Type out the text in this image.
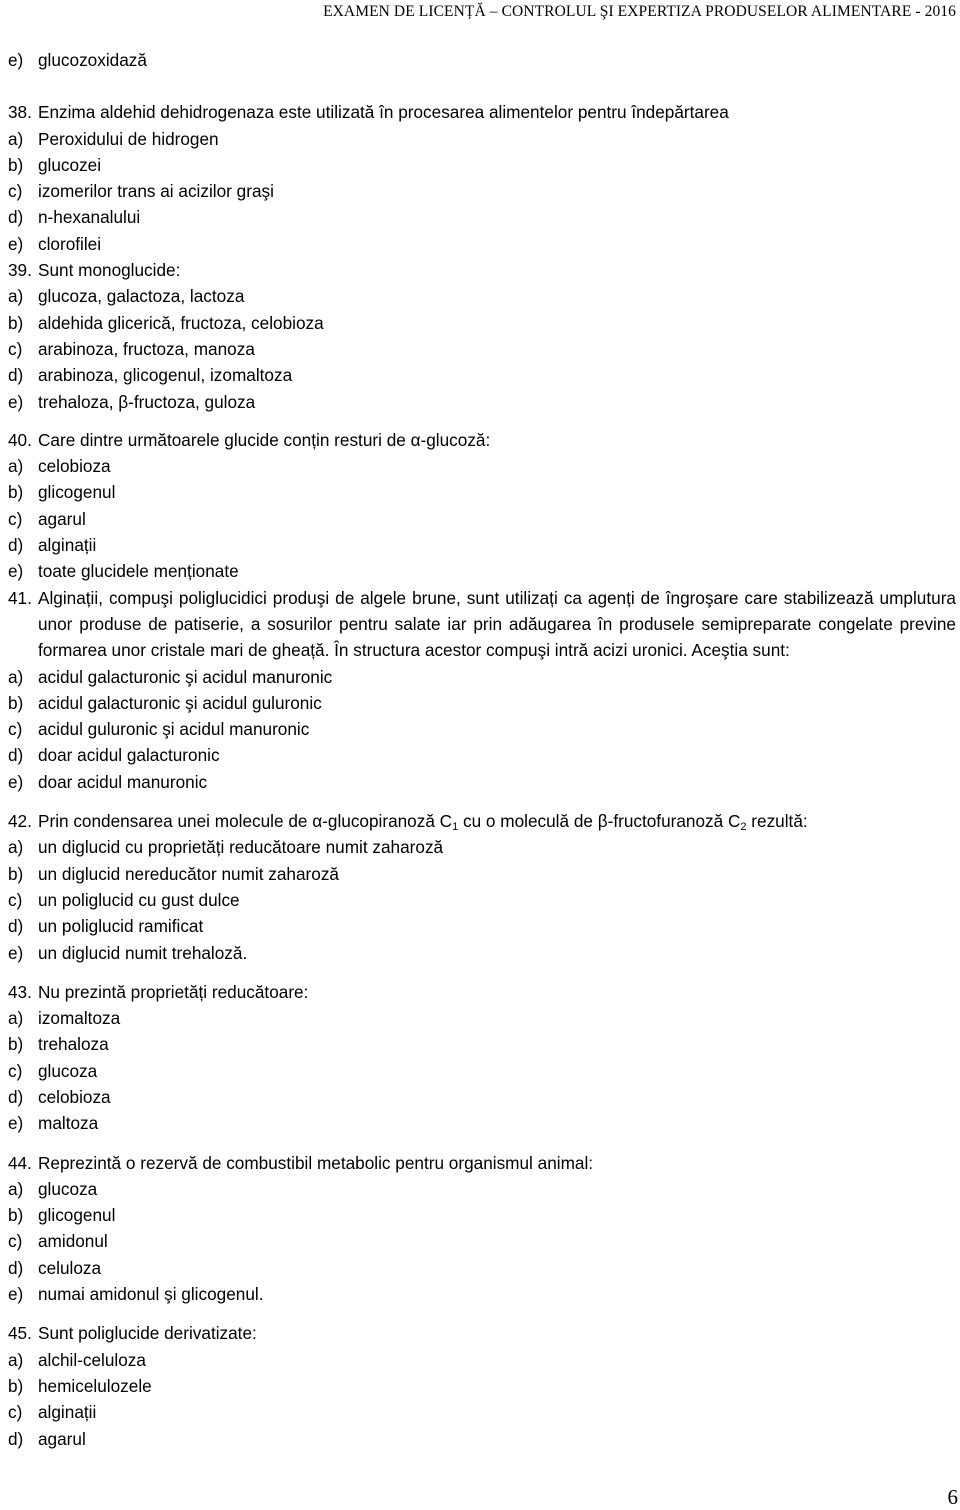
EXAMEN DE LICENȚĂ – CONTROLUL ŞI EXPERTIZA PRODUSELOR ALIMENTARE - 2016
e) glucozoxidază
38. Enzima aldehid dehidrogenaza este utilizată în procesarea alimentelor pentru îndepărtarea
a) Peroxidului de hidrogen
b) glucozei
c) izomerilor trans ai acizilor graşi
d) n-hexanalului
e) clorofilei
39. Sunt monoglucide:
a) glucoza, galactoza, lactoza
b) aldehida glicerică, fructoza, celobioza
c) arabinoza, fructoza, manoza
d) arabinoza, glicogenul, izomaltoza
e) trehaloza, β-fructoza, guloza
40. Care dintre următoarele glucide conțin resturi de α-glucoză:
a) celobioza
b) glicogenul
c) agarul
d) alginații
e) toate glucidele menționate
41. Alginații, compuşi poliglucidici produşi de algele brune, sunt utilizați ca agenți de îngroşare care stabilizează umplutura unor produse de patiserie, a sosurilor pentru salate iar prin adăugarea în produsele semipreparate congelate previne formarea unor cristale mari de gheață. În structura acestor compuşi intră acizi uronici. Aceştia sunt:
a) acidul galacturonic şi acidul manuronic
b) acidul galacturonic şi acidul guluronic
c) acidul guluronic şi acidul manuronic
d) doar acidul galacturonic
e) doar acidul manuronic
42. Prin condensarea unei molecule de α-glucopiranoză $C_1$ cu o moleculă de β-fructofuranoză $C_2$ rezultă:
a) un diglucid cu proprietăți reducătoare numit zaharoză
b) un diglucid nereducător numit zaharoză
c) un poliglucid cu gust dulce
d) un poliglucid ramificat
e) un diglucid numit trehaloză.
43. Nu prezintă proprietăți reducătoare:
a) izomaltoza
b) trehaloza
c) glucoza
d) celobioza
e) maltoza
44. Reprezintă o rezervă de combustibil metabolic pentru organismul animal:
a) glucoza
b) glicogenul
c) amidonul
d) celuloza
e) numai amidonul şi glicogenul.
45. Sunt poliglucide derivatizate:
a) alchil-celuloza
b) hemicelulozele
c) alginații
d) agarul
6
